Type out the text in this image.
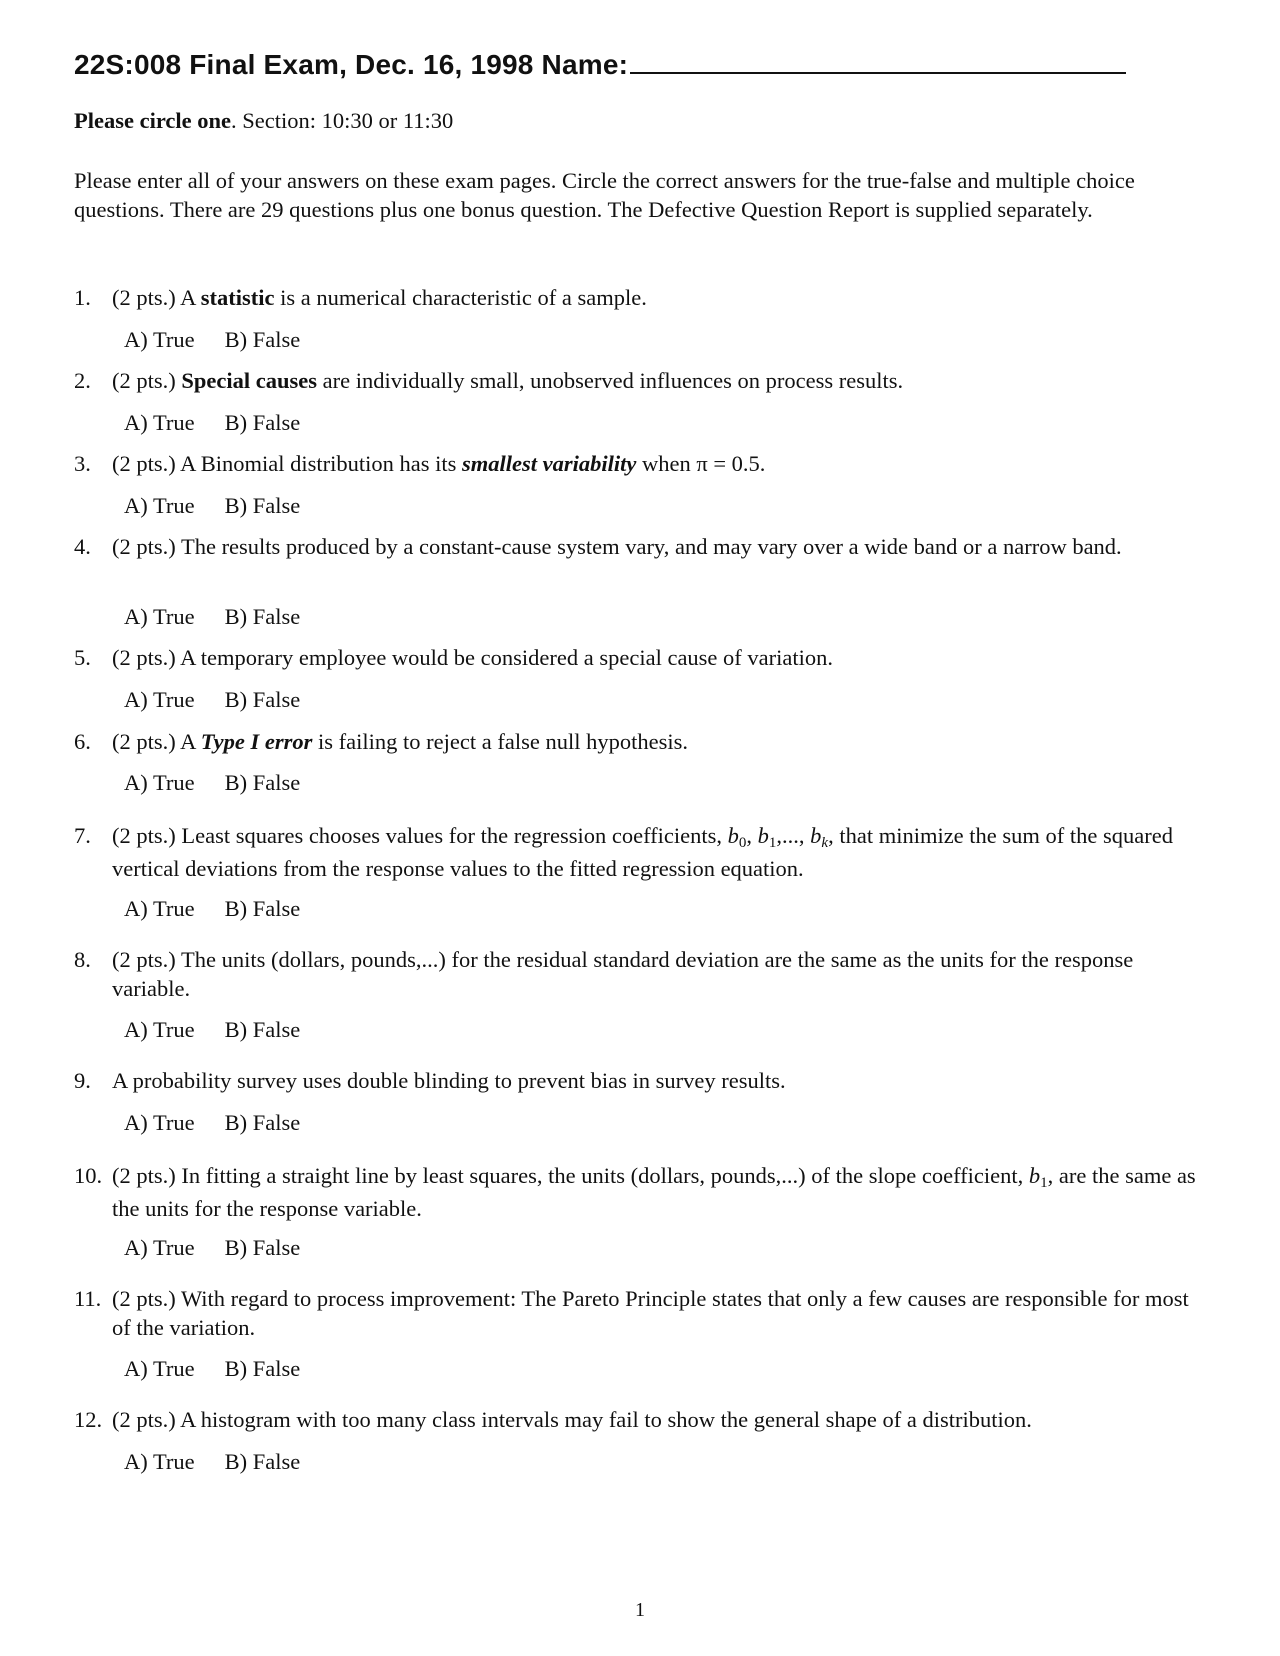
22S:008 Final Exam, Dec. 16, 1998 Name:
Please circle one. Section: 10:30 or 11:30
Please enter all of your answers on these exam pages. Circle the correct answers for the true-false and multiple choice questions. There are 29 questions plus one bonus question. The Defective Question Report is supplied separately.
1. (2 pts.) A statistic is a numerical characteristic of a sample.
A) True B) False
2. (2 pts.) Special causes are individually small, unobserved influences on process results.
A) True B) False
3. (2 pts.) A Binomial distribution has its smallest variability when π = 0.5.
A) True B) False
4. (2 pts.) The results produced by a constant-cause system vary, and may vary over a wide band or a narrow band.
A) True B) False
5. (2 pts.) A temporary employee would be considered a special cause of variation.
A) True B) False
6. (2 pts.) A Type I error is failing to reject a false null hypothesis.
A) True B) False
7. (2 pts.) Least squares chooses values for the regression coefficients, $b_0$, $b_1$,..., $b_k$, that minimize the sum of the squared vertical deviations from the response values to the fitted regression equation.
A) True B) False
8. (2 pts.) The units (dollars, pounds,...) for the residual standard deviation are the same as the units for the response variable.
A) True B) False
9. A probability survey uses double blinding to prevent bias in survey results.
A) True B) False
10. (2 pts.) In fitting a straight line by least squares, the units (dollars, pounds,...) of the slope coefficient, $b_1$, are the same as the units for the response variable.
A) True B) False
11. (2 pts.) With regard to process improvement: The Pareto Principle states that only a few causes are responsible for most of the variation.
A) True B) False
12. (2 pts.) A histogram with too many class intervals may fail to show the general shape of a distribution.
A) True B) False
1
